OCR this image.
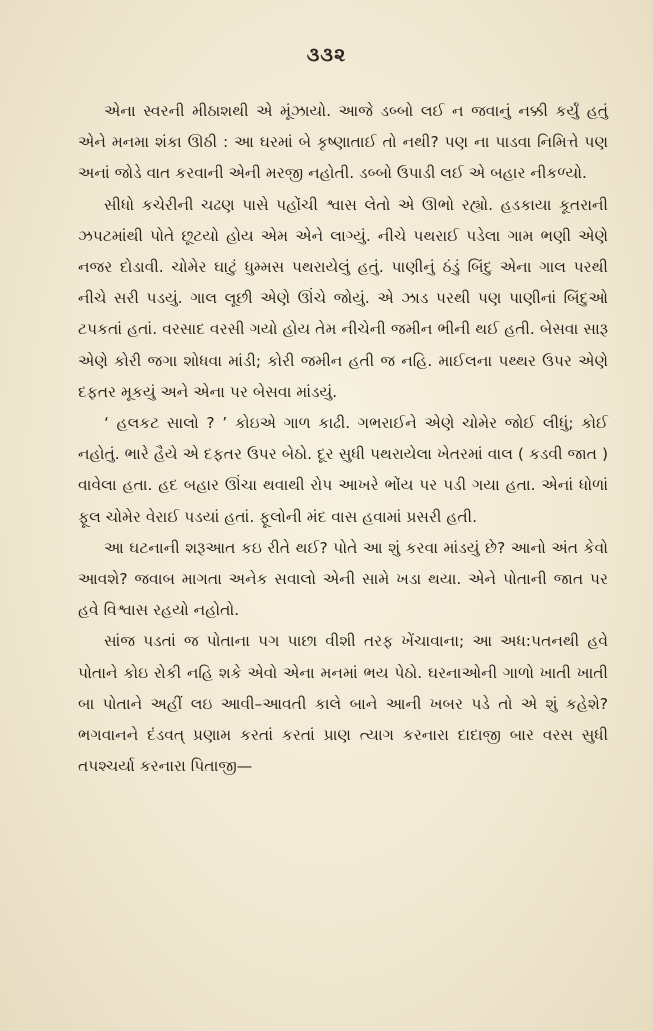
૩૩૨

એના સ્વરની મીઠાશથી એ મૂંઝાયો. આજે ડબ્બો લઈ ન જવાનું નક્કી કર્યું હતું એને મનમા શંકા ઊઠી : આ ઘરમાં બે કૃષ્ણાતાઈ તો નથી? પણ ના પાડવા નિમિત્તે પણ અનાં જોડે વાત કરવાની એની મરજી નહોતી. ડબ્બો ઉપાડી લઈ એ બહાર નીકળ્યો.

સીધો કચેરીની ચઢણ પાસે પહોંચી શ્વાસ લેતો એ ઊભો રહ્યો. હડકાયા કૂતરાની ઝપટમાંથી પોતે છૂટયો હોય એમ એને લાગ્યું. નીચે પથરાઈ પડેલા ગામ ભણી એણે નજર દોડાવી. ચોમેર ઘાટું ધુમ્મસ પથરાયેલું હતું. પાણીનું ઠંડું બિંદુ એના ગાલ પરથી નીચે સરી પડયું. ગાલ લૂછી એણે ઊંચે જોયું. એ ઝાડ પરથી પણ પાણીનાં બિંદુઓ ટપકતાં હતાં. વરસાદ વરસી ગયો હોય તેમ નીચેની જમીન ભીની થઈ હતી. બેસવા સારૂ એણે કોરી જગા શોધવા માંડી; કોરી જમીન હતી જ નહિ. માઈલના પથ્થર ઉપર એણે દફતર મૂકયું અને એના પર બેસવા માંડયું.

‘ હલકટ સાલો ? ’ કોઇએ ગાળ કાઢી. ગભરાઈને એણે ચોમેર જોઈ લીધું; કોઈ નહોતું. ભારે હૈયે એ દફતર ઉપર બેઠો. દૂર સુધી પથરાયેલા ખેતરમાં વાલ ( કડવી જાત ) વાવેલા હતા. હદ બહાર ઊંચા થવાથી રોપ આખરે ભોંય પર પડી ગયા હતા. એનાં ધોળાં ફૂલ ચોમેર વેરાઈ પડયાં હતાં. ફૂલોની મંદ વાસ હવામાં પ્રસરી હતી.

આ ઘટનાની શરૂઆત કઇ રીતે થઈ? પોતે આ શું કરવા માંડયું છે? આનો અંત કેવો આવશે? જવાબ માગતા અનેક સવાલો એની સામે ખડા થયા. એને પોતાની જાત પર હવે વિશ્વાસ રહયો નહોતો.

સાંજ પડતાં જ પોતાના પગ પાછા વીશી તરફ ખેંચાવાના; આ અધ:પતનથી હવે પોતાને કોઇ રોકી નહિ શકે એવો એના મનમાં ભય પેઠો. ઘરનાઓની ગાળો ખાતી ખાતી બા પોતાને અહીં લઇ આવી–આવતી કાલે બાને આની ખબર પડે તો એ શું કહેશે? ભગવાનને દંડવત્ પ્રણામ કરતાં કરતાં પ્રાણ ત્યાગ કરનારા દાદાજી બાર વરસ સુધી તપશ્ચર્યા કરનારા પિતાજી—
